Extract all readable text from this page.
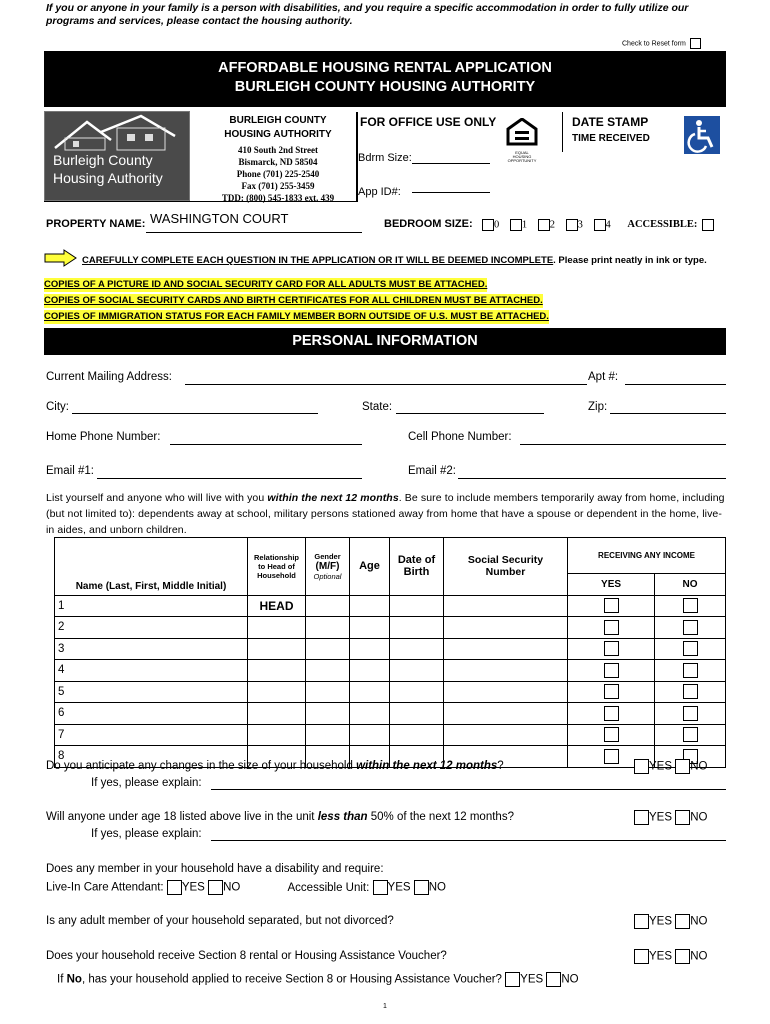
If you or anyone in your family is a person with disabilities, and you require a specific accommodation in order to fully utilize our programs and services, please contact the housing authority.
Check to Reset form
AFFORDABLE HOUSING RENTAL APPLICATION
BURLEIGH COUNTY HOUSING AUTHORITY
Burleigh County
Housing Authority
BURLEIGH COUNTY
HOUSING AUTHORITY
410 South 2nd Street
Bismarck, ND 58504
Phone (701) 225-2540
Fax (701) 255-3459
TDD: (800) 545-1833 ext. 439
FOR OFFICE USE ONLY
Bdrm Size:
App ID#:
EQUAL HOUSING OPPORTUNITY
DATE STAMP
TIME RECEIVED
PROPERTY NAME: WASHINGTON COURT	BEDROOM SIZE:	0 1 2 3 4 ACCESSIBLE:
CAREFULLY COMPLETE EACH QUESTION IN THE APPLICATION OR IT WILL BE DEEMED INCOMPLETE. Please print neatly in ink or type.
COPIES OF A PICTURE ID AND SOCIAL SECURITY CARD FOR ALL ADULTS MUST BE ATTACHED.
COPIES OF SOCIAL SECURITY CARDS AND BIRTH CERTIFICATES FOR ALL CHILDREN MUST BE ATTACHED.
COPIES OF IMMIGRATION STATUS FOR EACH FAMILY MEMBER BORN OUTSIDE OF U.S. MUST BE ATTACHED.
PERSONAL INFORMATION
Current Mailing Address:	Apt #:
City:	State:	Zip:
Home Phone Number:	Cell Phone Number:
Email #1:	Email #2:
List yourself and anyone who will live with you within the next 12 months. Be sure to include members temporarily away from home, including (but not limited to): dependents away at school, military persons stationed away from home that have a spouse or dependent in the home, live-in aides, and unborn children.
Name (Last, First, Middle Initial)	Relationship to Head of Household	Gender
(M/F)
Optional	Age	Date of Birth	Social Security Number	RECEIVING ANY INCOME	
						YES	NO
1	HEAD						
2							
3							
4							
5							
6							
7							
8							
Do you anticipate any changes in the size of your household within the next 12 months?	YES NO
If yes, please explain:
Will anyone under age 18 listed above live in the unit less than 50% of the next 12 months?	YES NO
If yes, please explain:
Does any member in your household have a disability and require:
Live-In Care Attendant: YES NO	Accessible Unit: YES NO
Is any adult member of your household separated, but not divorced?	YES NO
Does your household receive Section 8 rental or Housing Assistance Voucher?	YES NO
If No, has your household applied to receive Section 8 or Housing Assistance Voucher? YES NO
1
